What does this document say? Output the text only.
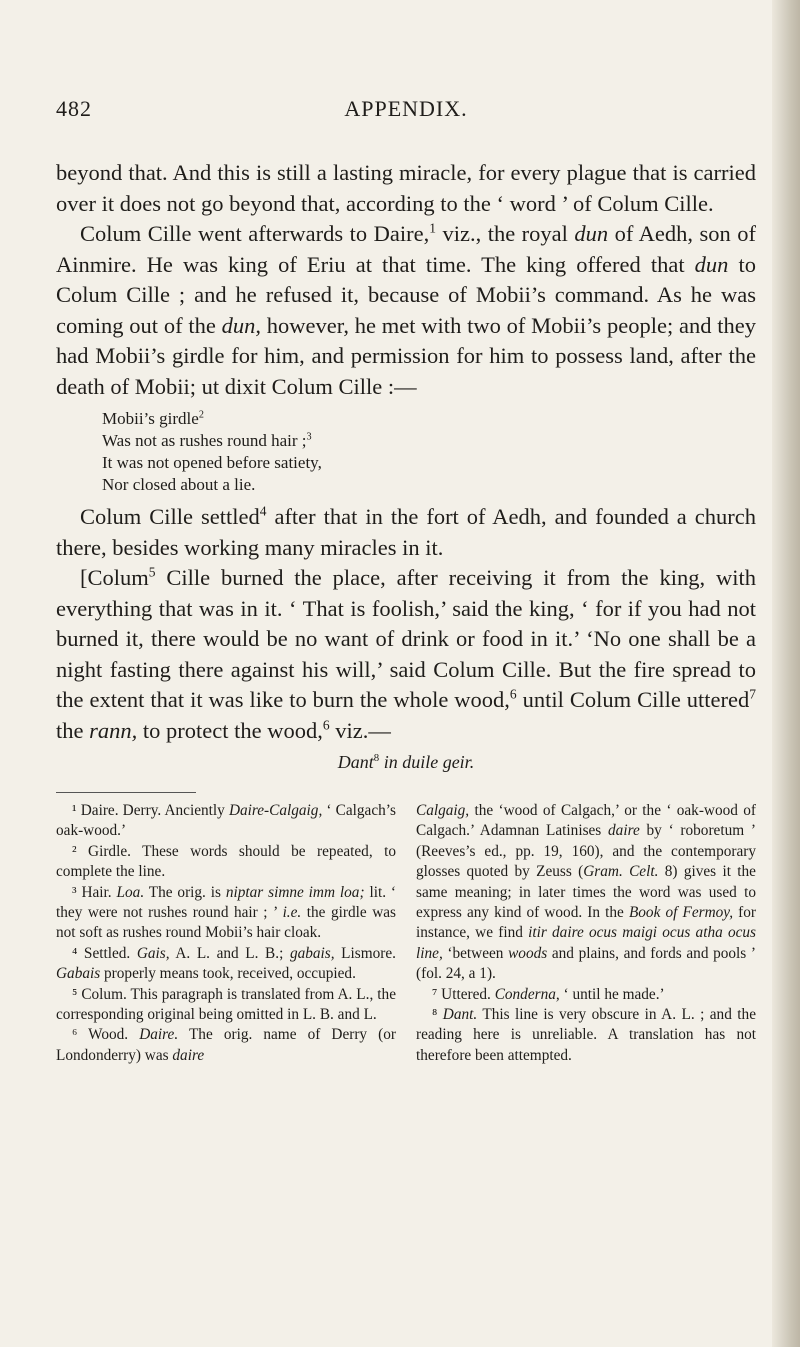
482	APPENDIX.

beyond that. And this is still a lasting miracle, for every plague that is carried over it does not go beyond that, according to the ‘ word ’ of Colum Cille.

Colum Cille went afterwards to Daire,$^1$ viz., the royal dun of Aedh, son of Ainmire. He was king of Eriu at that time. The king offered that dun to Colum Cille ; and he refused it, because of Mobii’s command. As he was coming out of the dun, however, he met with two of Mobii’s people; and they had Mobii’s girdle for him, and permission for him to possess land, after the death of Mobii; ut dixit Colum Cille :—

Mobii’s girdle$^2$
Was not as rushes round hair ;$^3$
It was not opened before satiety,
Nor closed about a lie.

Colum Cille settled$^4$ after that in the fort of Aedh, and founded a church there, besides working many miracles in it.

[Colum$^5$ Cille burned the place, after receiving it from the king, with everything that was in it. ‘ That is foolish,’ said the king, ‘ for if you had not burned it, there would be no want of drink or food in it.’ ‘No one shall be a night fasting there against his will,’ said Colum Cille. But the fire spread to the extent that it was like to burn the whole wood,$^6$ until Colum Cille uttered$^7$ the rann, to protect the wood,$^6$ viz.—

Dant$^8$ in duile geir.

¹ Daire. Derry. Anciently Daire-Calgaig, ‘ Calgach’s oak-wood.’

² Girdle. These words should be repeated, to complete the line.

³ Hair. Loa. The orig. is niptar simne imm loa; lit. ‘ they were not rushes round hair ; ’ i.e. the girdle was not soft as rushes round Mobii’s hair cloak.

⁴ Settled. Gais, A. L. and L. B.; gabais, Lismore. Gabais properly means took, received, occupied.

⁵ Colum. This paragraph is translated from A. L., the corresponding original being omitted in L. B. and L.

⁶ Wood. Daire. The orig. name of Derry (or Londonderry) was daire

Calgaig, the ‘wood of Calgach,’ or the ‘ oak-wood of Calgach.’ Adamnan Latinises daire by ‘ roboretum ’ (Reeves’s ed., pp. 19, 160), and the contemporary glosses quoted by Zeuss (Gram. Celt. 8) gives it the same meaning; in later times the word was used to express any kind of wood. In the Book of Fermoy, for instance, we find itir daire ocus maigi ocus atha ocus line, ‘between woods and plains, and fords and pools ’ (fol. 24, a 1).

⁷ Uttered. Conderna, ‘ until he made.’

⁸ Dant. This line is very obscure in A. L. ; and the reading here is unreliable. A translation has not therefore been attempted.
